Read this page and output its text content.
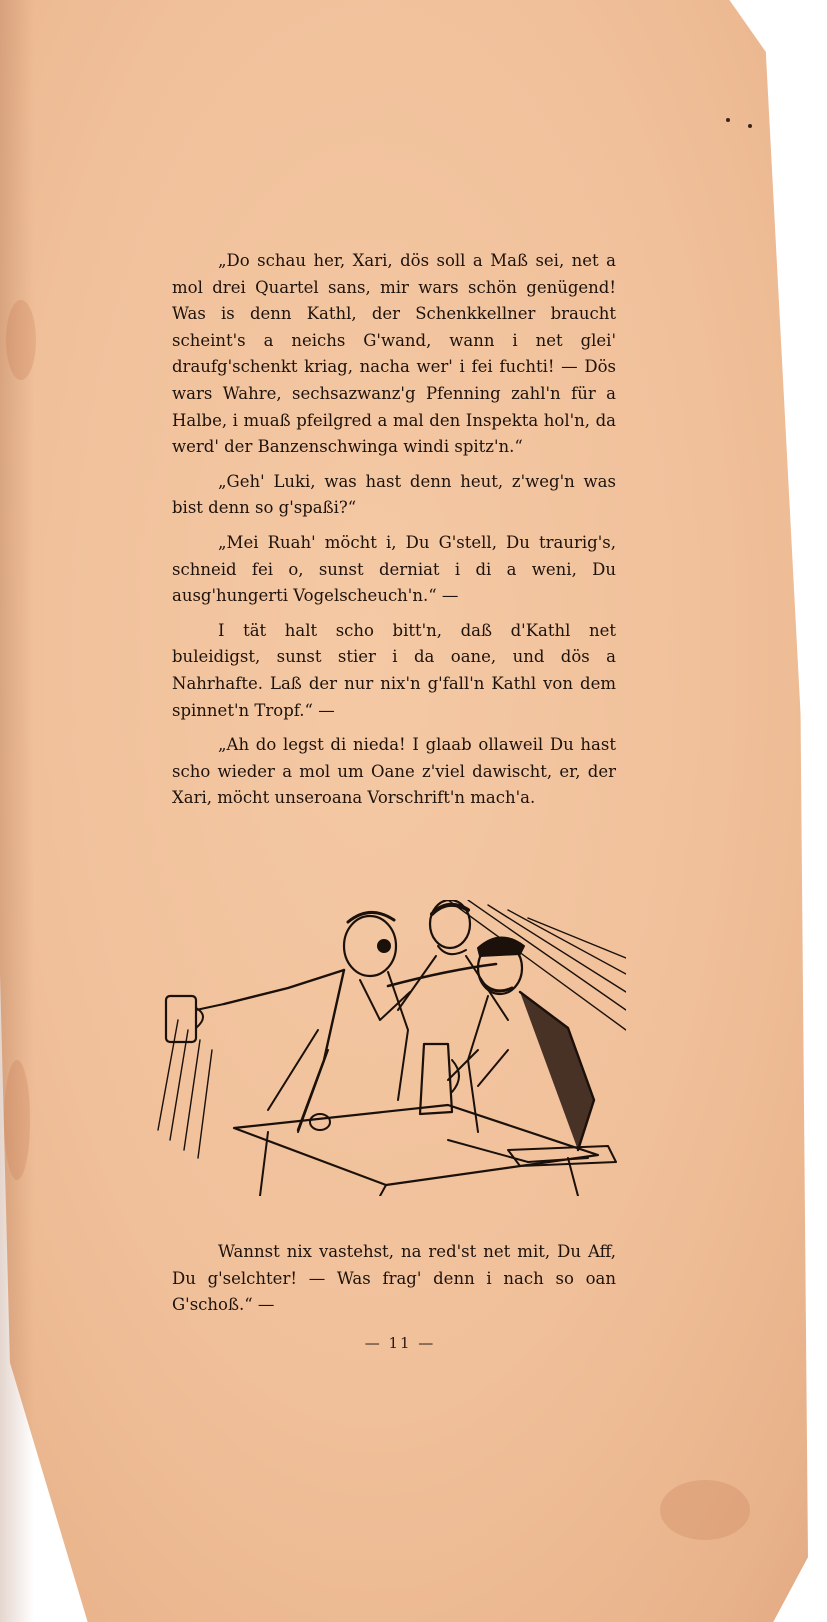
„Do schau her, Xari, dös soll a Maß sei, net a mol drei Quartel sans, mir wars schön genügend! Was is denn Kathl, der Schenkkellner braucht scheint's a neichs G'wand, wann i net glei' draufg'schenkt kriag, nacha wer' i fei fuchti! — Dös wars Wahre, sechsazwanz'g Pfenning zahl'n für a Halbe, i muaß pfeilgred a mal den Inspekta hol'n, da werd' der Banzenschwinga windi spitz'n.“

„Geh' Luki, was hast denn heut, z'weg'n was bist denn so g'spaßi?“

„Mei Ruah' möcht i, Du G'stell, Du traurig's, schneid fei o, sunst derniat i di a weni, Du ausg'hungerti Vogelscheuch'n.“ —

I tät halt scho bitt'n, daß d'Kathl net buleidigst, sunst stier i da oane, und dös a Nahrhafte. Laß der nur nix'n g'fall'n Kathl von dem spinnet'n Tropf.“ —

„Ah do legst di nieda! I glaab ollaweil Du hast scho wieder a mol um Oane z'viel dawischt, er, der Xari, möcht unseroana Vorschrift'n mach'a.

Wannst nix vastehst, na red'st net mit, Du Aff, Du g'selchter! — Was frag' denn i nach so oan G'schoß.“ —

— 11 —
